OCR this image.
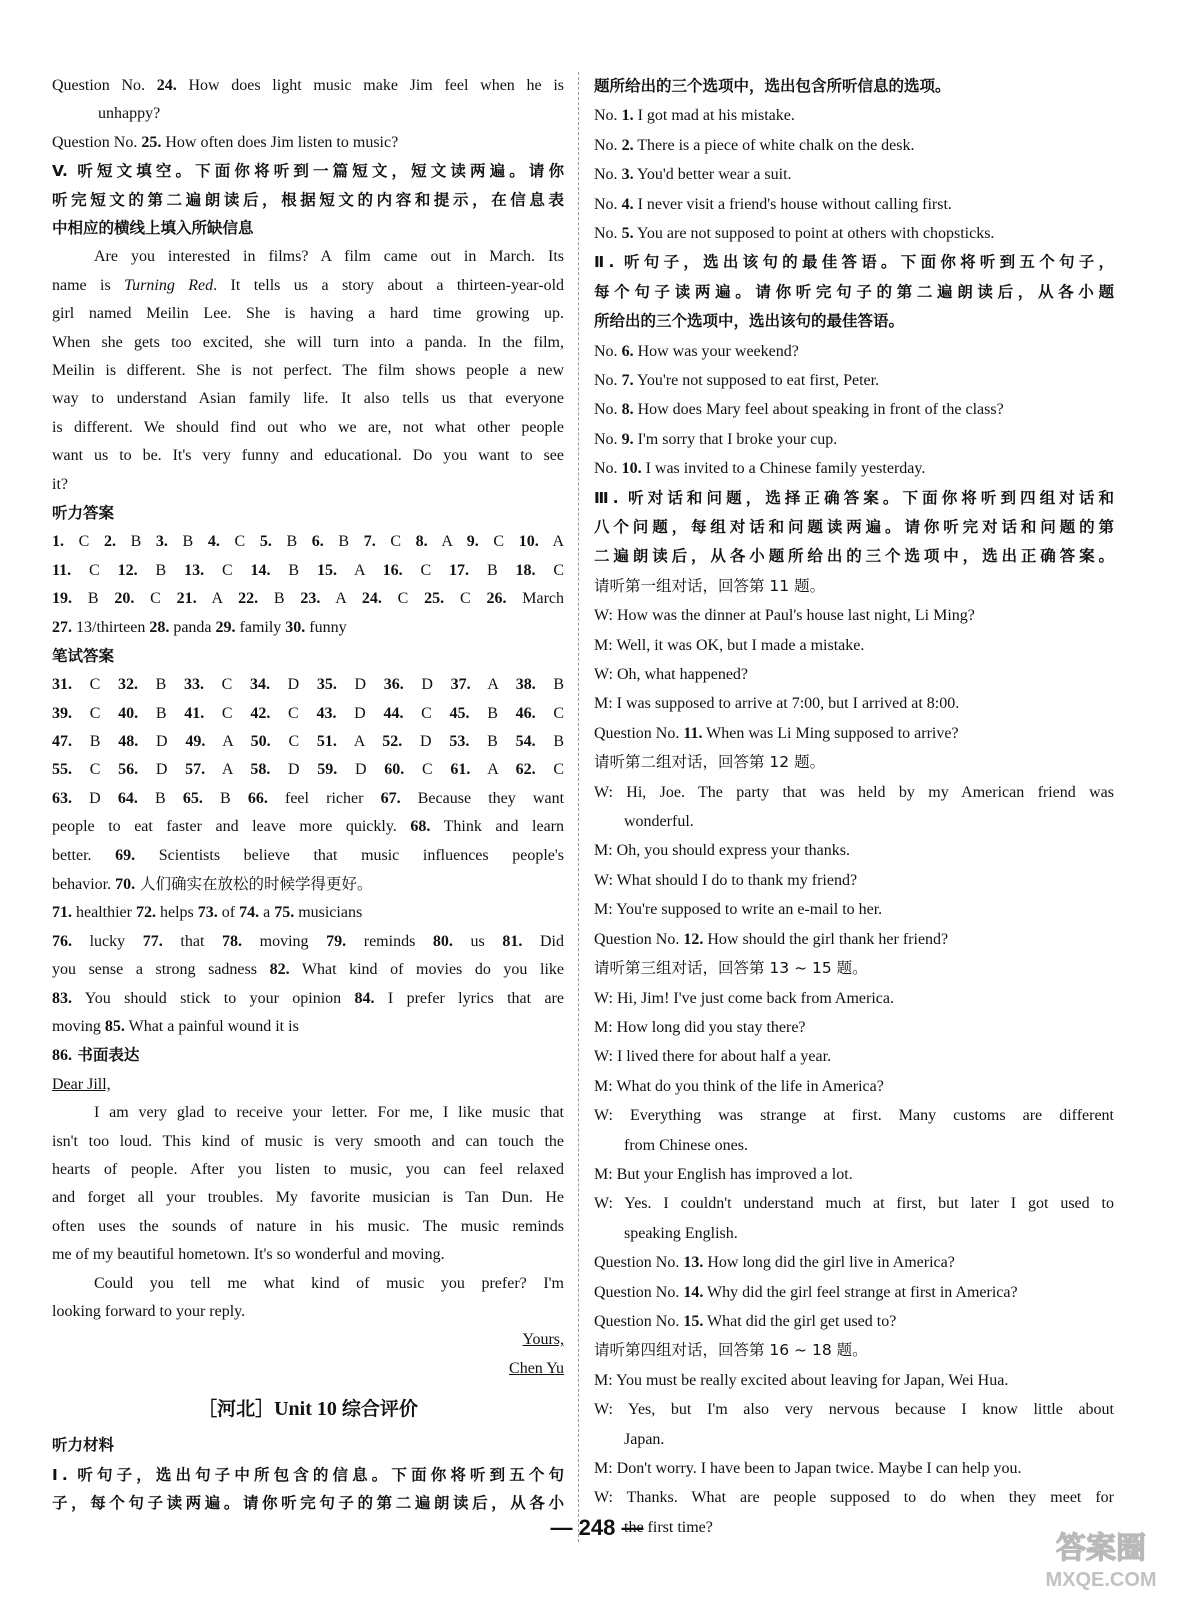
Question No. 24. How does light music make Jim feel when he is
unhappy?
Question No. 25. How often does Jim listen to music?
V. 听短文填空。下面你将听到一篇短文，短文读两遍。请你
听完短文的第二遍朗读后，根据短文的内容和提示，在信息表
中相应的横线上填入所缺信息
Are you interested in films? A film came out in March. Its
name is Turning Red. It tells us a story about a thirteen-year-old
girl named Meilin Lee. She is having a hard time growing up.
When she gets too excited, she will turn into a panda. In the film,
Meilin is different. She is not perfect. The film shows people a new
way to understand Asian family life. It also tells us that everyone
is different. We should find out who we are, not what other people
want us to be. It's very funny and educational. Do you want to see
it?
听力答案
1. C 2. B 3. B 4. C 5. B 6. B 7. C 8. A 9. C 10. A
11. C 12. B 13. C 14. B 15. A 16. C 17. B 18. C
19. B 20. C 21. A 22. B 23. A 24. C 25. C 26. March
27. 13/thirteen 28. panda 29. family 30. funny
笔试答案
31. C 32. B 33. C 34. D 35. D 36. D 37. A 38. B
39. C 40. B 41. C 42. C 43. D 44. C 45. B 46. C
47. B 48. D 49. A 50. C 51. A 52. D 53. B 54. B
55. C 56. D 57. A 58. D 59. D 60. C 61. A 62. C
63. D 64. B 65. B 66. feel richer 67. Because they want
people to eat faster and leave more quickly. 68. Think and learn
better. 69. Scientists believe that music influences people's
behavior. 70. 人们确实在放松的时候学得更好。
71. healthier 72. helps 73. of 74. a 75. musicians
76. lucky 77. that 78. moving 79. reminds 80. us 81. Did
you sense a strong sadness 82. What kind of movies do you like
83. You should stick to your opinion 84. I prefer lyrics that are
moving 85. What a painful wound it is
86. 书面表达
Dear Jill,
I am very glad to receive your letter. For me, I like music that
isn't too loud. This kind of music is very smooth and can touch the
hearts of people. After you listen to music, you can feel relaxed
and forget all your troubles. My favorite musician is Tan Dun. He
often uses the sounds of nature in his music. The music reminds
me of my beautiful hometown. It's so wonderful and moving.
Could you tell me what kind of music you prefer? I'm
looking forward to your reply.
Yours,
Chen Yu
［河北］Unit 10 综合评价
听力材料
Ⅰ. 听句子，选出句子中所包含的信息。下面你将听到五个句
子，每个句子读两遍。请你听完句子的第二遍朗读后，从各小
题所给出的三个选项中，选出包含所听信息的选项。
No. 1. I got mad at his mistake.
No. 2. There is a piece of white chalk on the desk.
No. 3. You'd better wear a suit.
No. 4. I never visit a friend's house without calling first.
No. 5. You are not supposed to point at others with chopsticks.
Ⅱ. 听句子，选出该句的最佳答语。下面你将听到五个句子，
每个句子读两遍。请你听完句子的第二遍朗读后，从各小题
所给出的三个选项中，选出该句的最佳答语。
No. 6. How was your weekend?
No. 7. You're not supposed to eat first, Peter.
No. 8. How does Mary feel about speaking in front of the class?
No. 9. I'm sorry that I broke your cup.
No. 10. I was invited to a Chinese family yesterday.
Ⅲ. 听对话和问题，选择正确答案。下面你将听到四组对话和
八个问题，每组对话和问题读两遍。请你听完对话和问题的第
二遍朗读后，从各小题所给出的三个选项中，选出正确答案。
请听第一组对话，回答第 11 题。
W: How was the dinner at Paul's house last night, Li Ming?
M: Well, it was OK, but I made a mistake.
W: Oh, what happened?
M: I was supposed to arrive at 7:00, but I arrived at 8:00.
Question No. 11. When was Li Ming supposed to arrive?
请听第二组对话，回答第 12 题。
W: Hi, Joe. The party that was held by my American friend was
wonderful.
M: Oh, you should express your thanks.
W: What should I do to thank my friend?
M: You're supposed to write an e-mail to her.
Question No. 12. How should the girl thank her friend?
请听第三组对话，回答第 13 ~ 15 题。
W: Hi, Jim! I've just come back from America.
M: How long did you stay there?
W: I lived there for about half a year.
M: What do you think of the life in America?
W: Everything was strange at first. Many customs are different
from Chinese ones.
M: But your English has improved a lot.
W: Yes. I couldn't understand much at first, but later I got used to
speaking English.
Question No. 13. How long did the girl live in America?
Question No. 14. Why did the girl feel strange at first in America?
Question No. 15. What did the girl get used to?
请听第四组对话，回答第 16 ~ 18 题。
M: You must be really excited about leaving for Japan, Wei Hua.
W: Yes, but I'm also very nervous because I know little about
Japan.
M: Don't worry. I have been to Japan twice. Maybe I can help you.
W: Thanks. What are people supposed to do when they meet for
the first time?
— 248 —
答案圈
MXQE.COM
